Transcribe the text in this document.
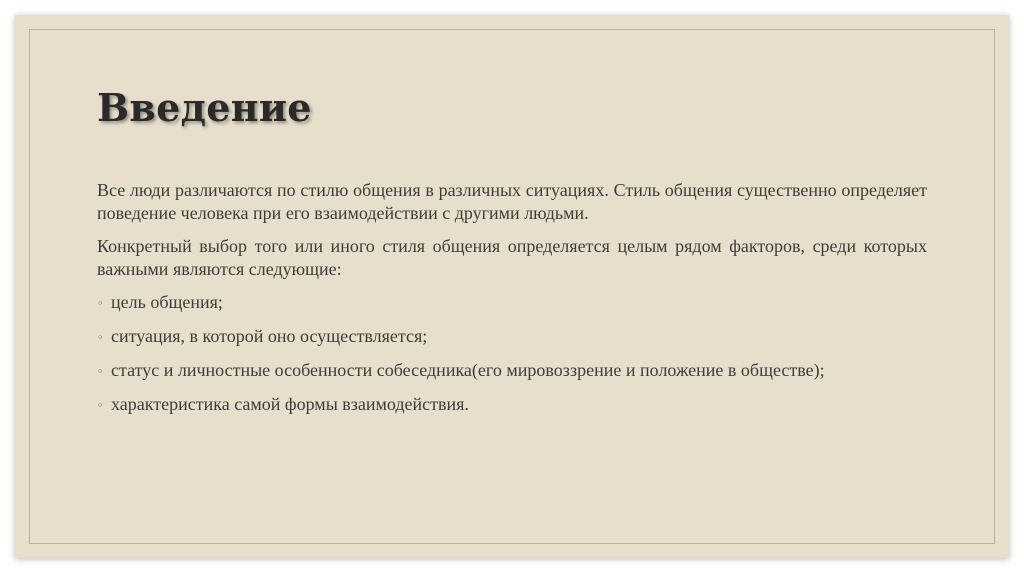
Введение

Все люди различаются по стилю общения в различных ситуациях. Стиль общения существенно определяет поведение человека при его взаимодействии с другими людьми.

Конкретный выбор того или иного стиля общения определяется целым рядом факторов, среди которых важными являются следующие:

◦ цель общения;
◦ ситуация, в которой оно осуществляется;
◦ статус и личностные особенности собеседника(его мировоззрение и положение в обществе);
◦ характеристика самой формы взаимодействия.
